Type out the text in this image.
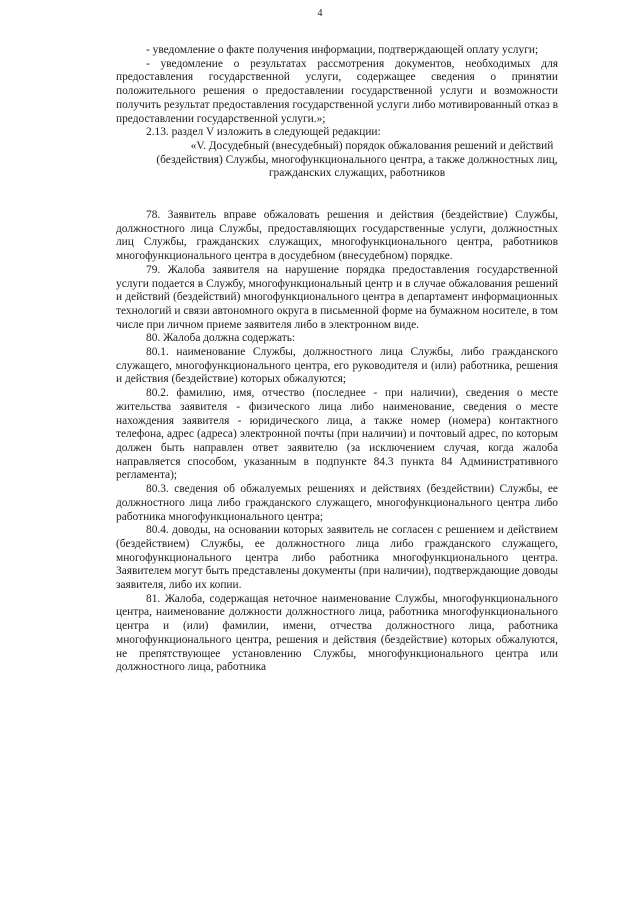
4

- уведомление о факте получения информации, подтверждающей оплату услуги;

- уведомление о результатах рассмотрения документов, необходимых для предоставления государственной услуги, содержащее сведения о принятии положительного решения о предоставлении государственной услуги и возможности получить результат предоставления государственной услуги либо мотивированный отказ в предоставлении государственной услуги.»;

2.13. раздел V изложить в следующей редакции:

«V. Досудебный (внесудебный) порядок обжалования решений и действий (бездействия) Службы, многофункционального центра, а также должностных лиц, гражданских служащих, работников

78. Заявитель вправе обжаловать решения и действия (бездействие) Службы, должностного лица Службы, предоставляющих государственные услуги, должностных лиц Службы, гражданских служащих, многофункционального центра, работников многофункционального центра в досудебном (внесудебном) порядке.

79. Жалоба заявителя на нарушение порядка предоставления государственной услуги подается в Службу, многофункциональный центр и в случае обжалования решений и действий (бездействий) многофункционального центра в департамент информационных технологий и связи автономного округа в письменной форме на бумажном носителе, в том числе при личном приеме заявителя либо в электронном виде.

80. Жалоба должна содержать:

80.1. наименование Службы, должностного лица Службы, либо гражданского служащего, многофункционального центра, его руководителя и (или) работника, решения и действия (бездействие) которых обжалуются;

80.2. фамилию, имя, отчество (последнее - при наличии), сведения о месте жительства заявителя - физического лица либо наименование, сведения о месте нахождения заявителя - юридического лица, а также номер (номера) контактного телефона, адрес (адреса) электронной почты (при наличии) и почтовый адрес, по которым должен быть направлен ответ заявителю (за исключением случая, когда жалоба направляется способом, указанным в подпункте 84.3 пункта 84 Административного регламента);

80.3. сведения об обжалуемых решениях и действиях (бездействии) Службы, ее должностного лица либо гражданского служащего, многофункционального центра либо работника многофункционального центра;

80.4. доводы, на основании которых заявитель не согласен с решением и действием (бездействием) Службы, ее должностного лица либо гражданского служащего, многофункционального центра либо работника многофункционального центра. Заявителем могут быть представлены документы (при наличии), подтверждающие доводы заявителя, либо их копии.

81. Жалоба, содержащая неточное наименование Службы, многофункционального центра, наименование должности должностного лица, работника многофункционального центра и (или) фамилии, имени, отчества должностного лица, работника многофункционального центра, решения и действия (бездействие) которых обжалуются, не препятствующее установлению Службы, многофункционального центра или должностного лица, работника
